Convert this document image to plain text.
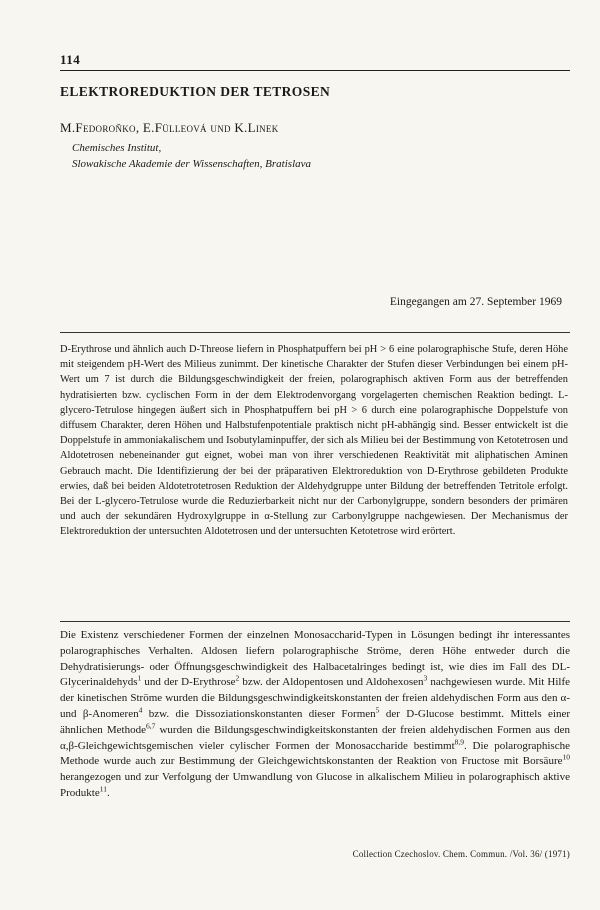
114
ELEKTROREDUKTION DER TETROSEN
M.Fedoroňko, E.Fülleová und K.Linek
Chemisches Institut,
Slowakische Akademie der Wissenschaften, Bratislava
Eingegangen am 27. September 1969

D-Erythrose und ähnlich auch D-Threose liefern in Phosphatpuffern bei pH > 6 eine polarographische Stufe, deren Höhe mit steigendem pH-Wert des Milieus zunimmt. Der kinetische Charakter der Stufen dieser Verbindungen bei einem pH-Wert um 7 ist durch die Bildungsgeschwindigkeit der freien, polarographisch aktiven Form aus der betreffenden hydratisierten bzw. cyclischen Form in der dem Elektrodenvorgang vorgelagerten chemischen Reaktion bedingt. L-glycero-Tetrulose hingegen äußert sich in Phosphatpuffern bei pH > 6 durch eine polarographische Doppelstufe von diffusem Charakter, deren Höhen und Halbstufenpotentiale praktisch nicht pH-abhängig sind. Besser entwickelt ist die Doppelstufe in ammoniakalischem und Isobutylaminpuffer, der sich als Milieu bei der Bestimmung von Ketotetrosen und Aldotetrosen nebeneinander gut eignet, wobei man von ihrer verschiedenen Reaktivität mit aliphatischen Aminen Gebrauch macht. Die Identifizierung der bei der präparativen Elektroreduktion von D-Erythrose gebildeten Produkte erwies, daß bei beiden Aldotetrotetrosen Reduktion der Aldehydgruppe unter Bildung der betreffenden Tetritole erfolgt. Bei der L-glycero-Tetrulose wurde die Reduzierbarkeit nicht nur der Carbonylgruppe, sondern besonders der primären und auch der sekundären Hydroxylgruppe in α-Stellung zur Carbonylgruppe nachgewiesen. Der Mechanismus der Elektroreduktion der untersuchten Aldotetrosen und der untersuchten Ketotetrose wird erörtert.

Die Existenz verschiedener Formen der einzelnen Monosaccharid-Typen in Lösungen bedingt ihr interessantes polarographisches Verhalten. Aldosen liefern polarographische Ströme, deren Höhe entweder durch die Dehydratisierungs- oder Öffnungsgeschwindigkeit des Halbacetalringes bedingt ist, wie dies im Fall des DL-Glycerinaldehyds$^1$ und der D-Erythrose$^2$ bzw. der Aldopentosen und Aldohexosen$^3$ nachgewiesen wurde. Mit Hilfe der kinetischen Ströme wurden die Bildungsgeschwindigkeitskonstanten der freien aldehydischen Form aus den α- und β-Anomeren$^4$ bzw. die Dissoziationskonstanten dieser Formen$^5$ der D-Glucose bestimmt. Mittels einer ähnlichen Methode$^{6,7}$ wurden die Bildungsgeschwindigkeitskonstanten der freien aldehydischen Formen aus den α,β-Gleichgewichtsgemischen vieler cylischer Formen der Monosaccharide bestimmt$^{8,9}$. Die polarographische Methode wurde auch zur Bestimmung der Gleichgewichtskonstanten der Reaktion von Fructose mit Borsäure$^{10}$ herangezogen und zur Verfolgung der Umwandlung von Glucose in alkalischem Milieu in polarographisch aktive Produkte$^{11}$.

Collection Czechoslov. Chem. Commun. /Vol. 36/ (1971)
